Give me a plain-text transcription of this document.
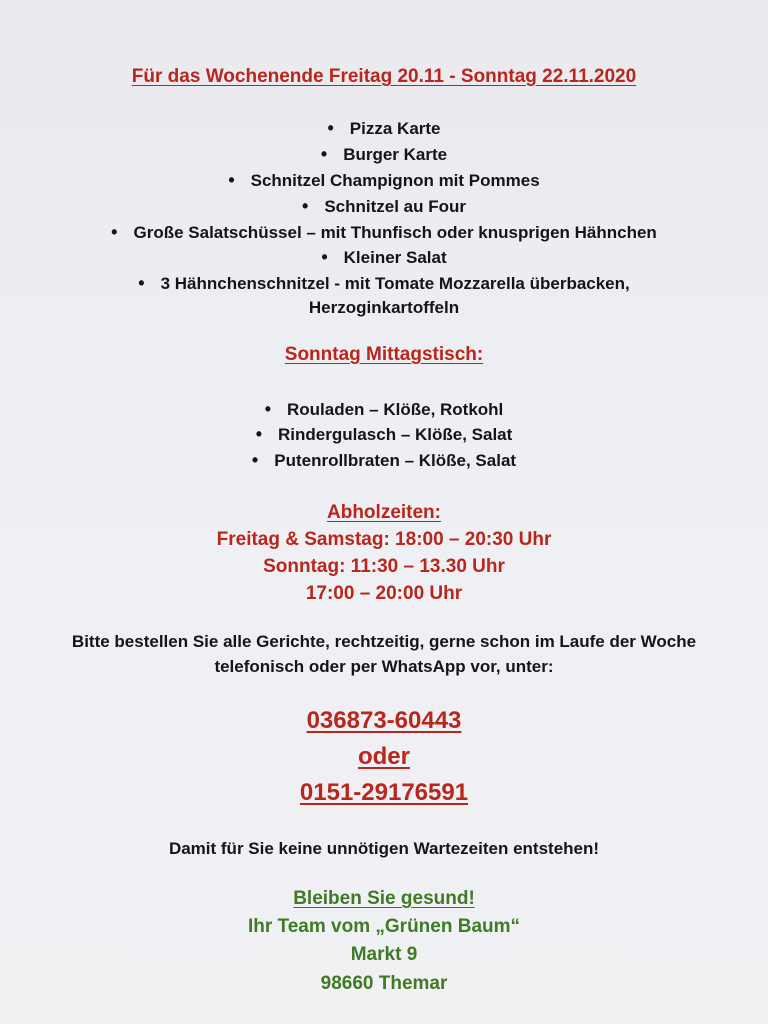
Für das Wochenende Freitag 20.11 - Sonntag 22.11.2020
• Pizza Karte
• Burger Karte
• Schnitzel Champignon mit Pommes
• Schnitzel au Four
• Große Salatschüssel – mit Thunfisch oder knusprigen Hähnchen
• Kleiner Salat
• 3 Hähnchenschnitzel - mit Tomate Mozzarella überbacken,
Herzoginkartoffeln
Sonntag Mittagstisch:
• Rouladen – Klöße, Rotkohl
• Rindergulasch – Klöße, Salat
• Putenrollbraten – Klöße, Salat
Abholzeiten:
Freitag & Samstag: 18:00 – 20:30 Uhr
Sonntag: 11:30 – 13.30 Uhr
17:00 – 20:00 Uhr
Bitte bestellen Sie alle Gerichte, rechtzeitig, gerne schon im Laufe der Woche
telefonisch oder per WhatsApp vor, unter:
036873-60443
oder
0151-29176591
Damit für Sie keine unnötigen Wartezeiten entstehen!
Bleiben Sie gesund!
Ihr Team vom „Grünen Baum“
Markt 9
98660 Themar
